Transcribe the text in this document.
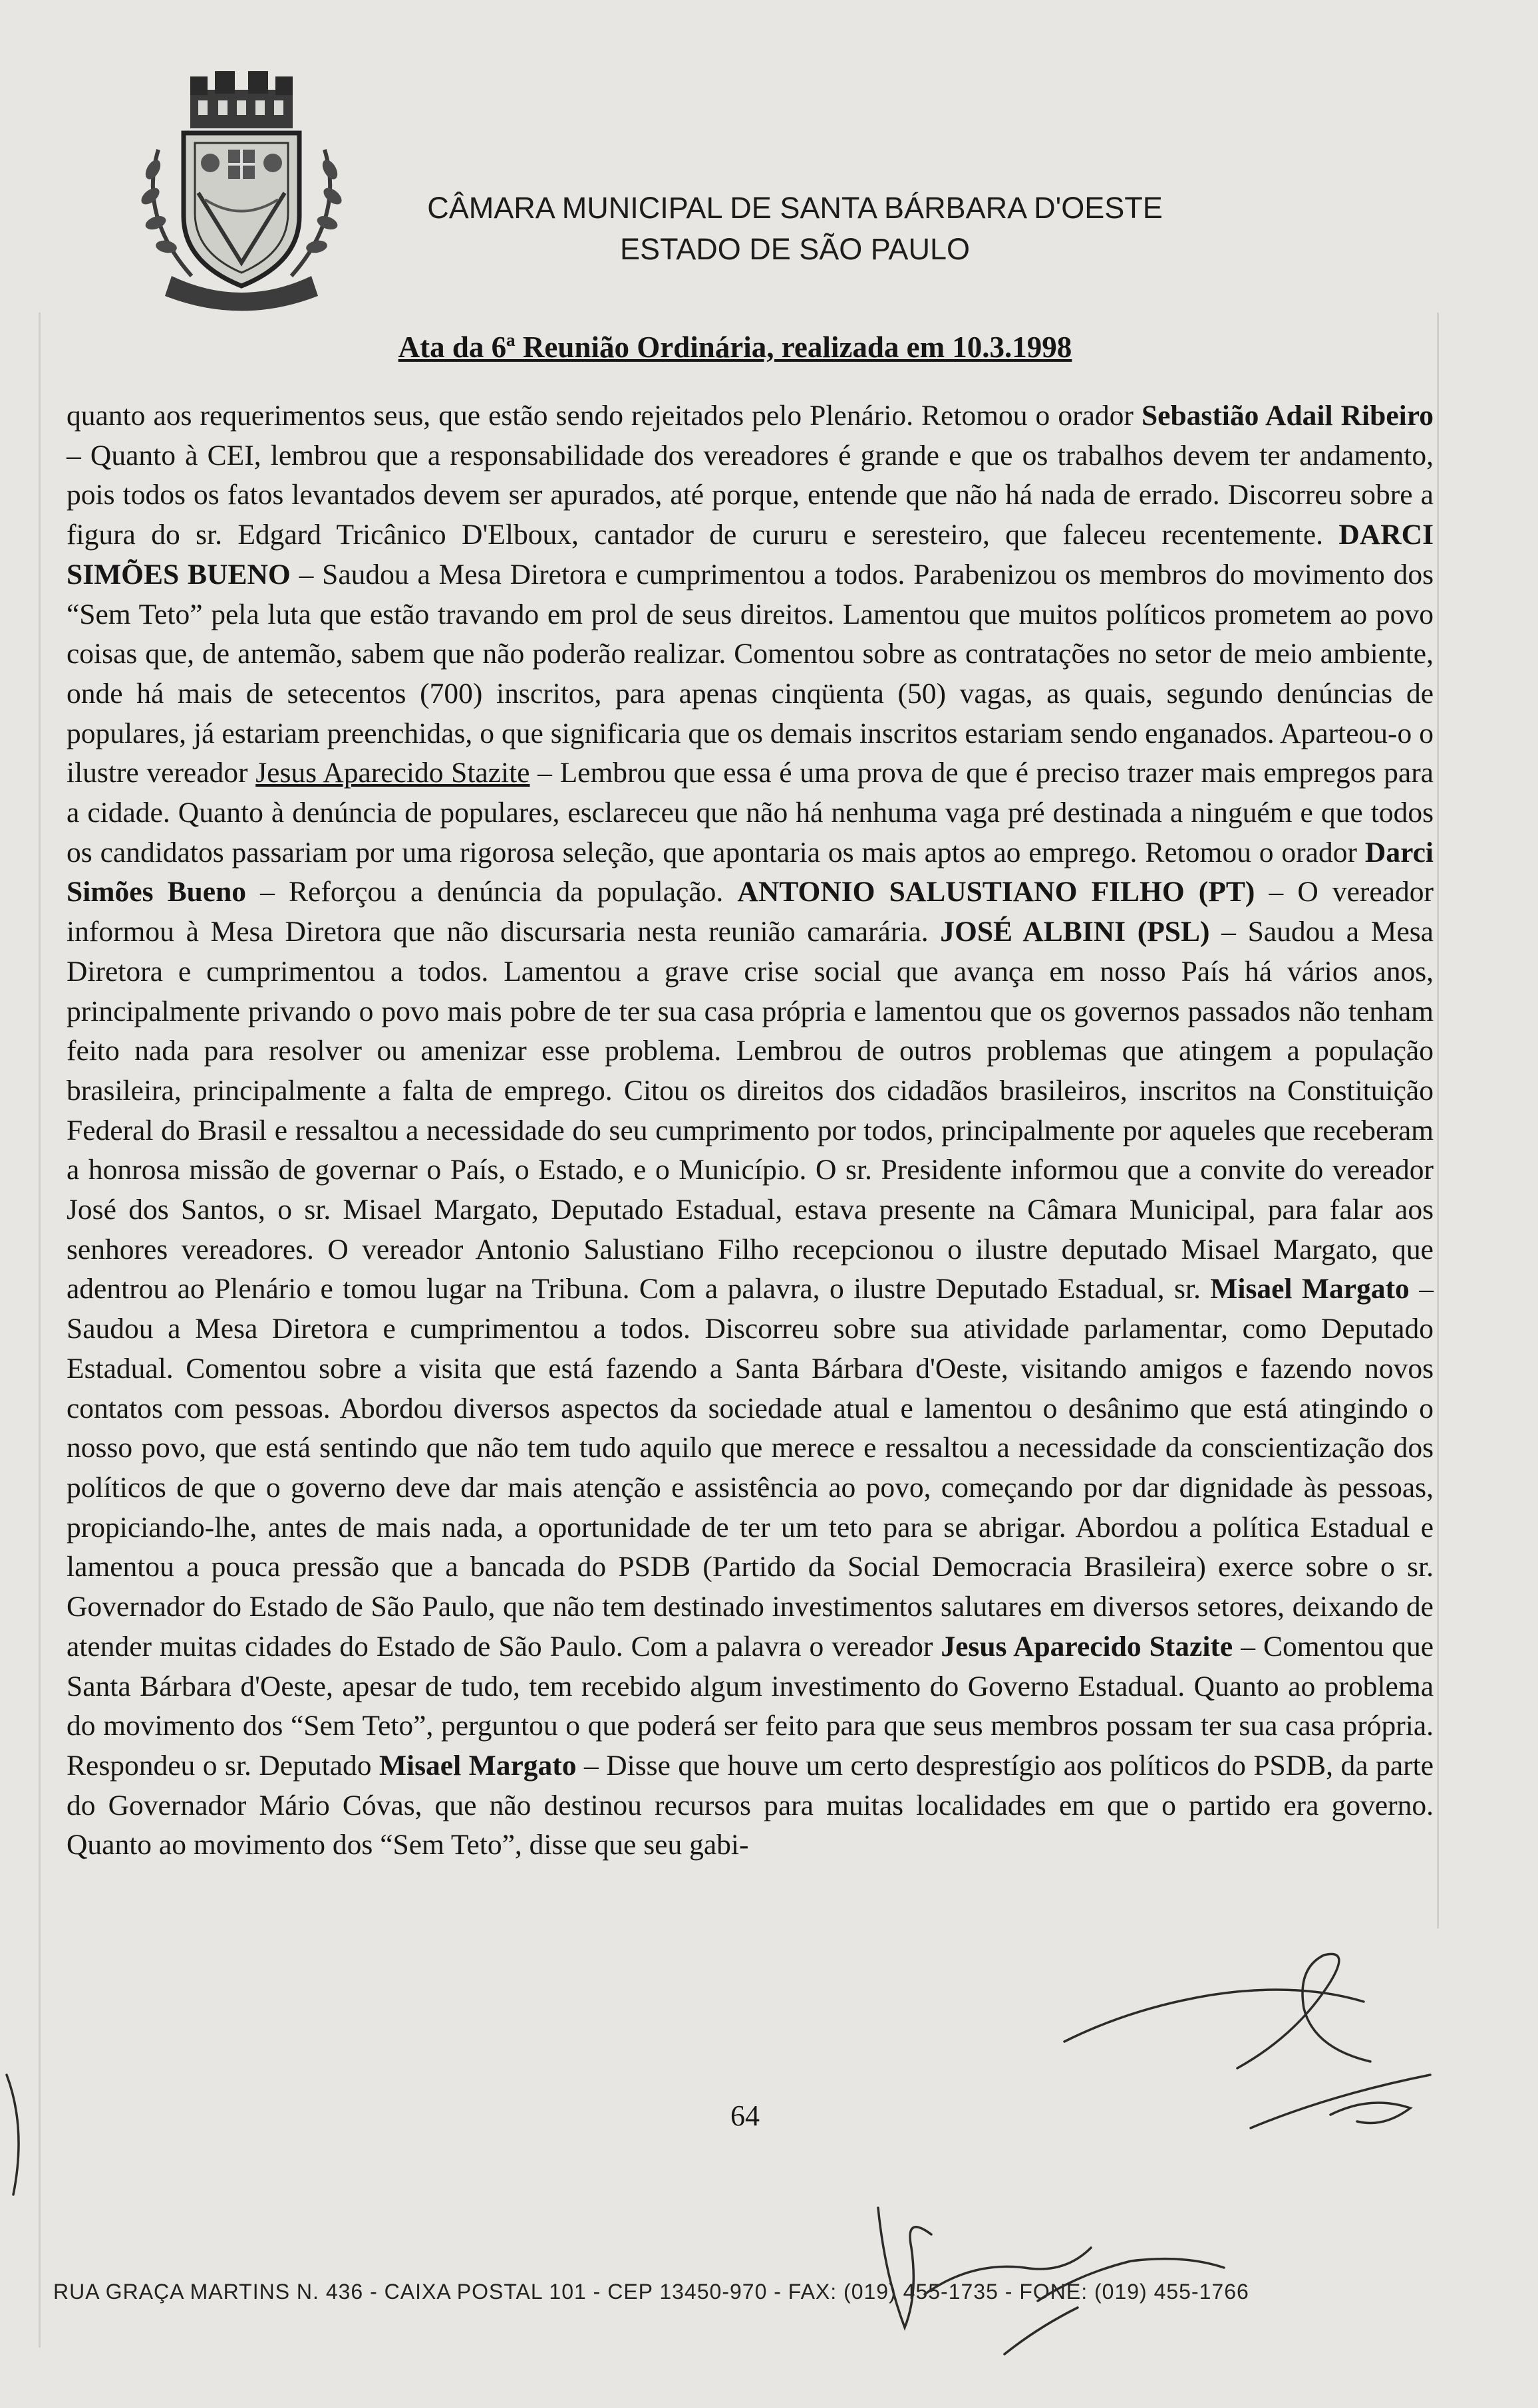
CÂMARA MUNICIPAL DE SANTA BÁRBARA D'OESTE
ESTADO DE SÃO PAULO
Ata da 6ª Reunião Ordinária, realizada em 10.3.1998

quanto aos requerimentos seus, que estão sendo rejeitados pelo Plenário. Retomou o orador Sebastião Adail Ribeiro – Quanto à CEI, lembrou que a responsabilidade dos vereadores é grande e que os trabalhos devem ter andamento, pois todos os fatos levantados devem ser apurados, até porque, entende que não há nada de errado. Discorreu sobre a figura do sr. Edgard Tricânico D'Elboux, cantador de cururu e seresteiro, que faleceu recentemente. DARCI SIMÕES BUENO – Saudou a Mesa Diretora e cumprimentou a todos. Parabenizou os membros do movimento dos “Sem Teto” pela luta que estão travando em prol de seus direitos. Lamentou que muitos políticos prometem ao povo coisas que, de antemão, sabem que não poderão realizar. Comentou sobre as contratações no setor de meio ambiente, onde há mais de setecentos (700) inscritos, para apenas cinqüenta (50) vagas, as quais, segundo denúncias de populares, já estariam preenchidas, o que significaria que os demais inscritos estariam sendo enganados. Aparteou-o o ilustre vereador Jesus Aparecido Stazite – Lembrou que essa é uma prova de que é preciso trazer mais empregos para a cidade. Quanto à denúncia de populares, esclareceu que não há nenhuma vaga pré destinada a ninguém e que todos os candidatos passariam por uma rigorosa seleção, que apontaria os mais aptos ao emprego. Retomou o orador Darci Simões Bueno – Reforçou a denúncia da população. ANTONIO SALUSTIANO FILHO (PT) – O vereador informou à Mesa Diretora que não discursaria nesta reunião camarária. JOSÉ ALBINI (PSL) – Saudou a Mesa Diretora e cumprimentou a todos. Lamentou a grave crise social que avança em nosso País há vários anos, principalmente privando o povo mais pobre de ter sua casa própria e lamentou que os governos passados não tenham feito nada para resolver ou amenizar esse problema. Lembrou de outros problemas que atingem a população brasileira, principalmente a falta de emprego. Citou os direitos dos cidadãos brasileiros, inscritos na Constituição Federal do Brasil e ressaltou a necessidade do seu cumprimento por todos, principalmente por aqueles que receberam a honrosa missão de governar o País, o Estado, e o Município. O sr. Presidente informou que a convite do vereador José dos Santos, o sr. Misael Margato, Deputado Estadual, estava presente na Câmara Municipal, para falar aos senhores vereadores. O vereador Antonio Salustiano Filho recepcionou o ilustre deputado Misael Margato, que adentrou ao Plenário e tomou lugar na Tribuna. Com a palavra, o ilustre Deputado Estadual, sr. Misael Margato – Saudou a Mesa Diretora e cumprimentou a todos. Discorreu sobre sua atividade parlamentar, como Deputado Estadual. Comentou sobre a visita que está fazendo a Santa Bárbara d'Oeste, visitando amigos e fazendo novos contatos com pessoas. Abordou diversos aspectos da sociedade atual e lamentou o desânimo que está atingindo o nosso povo, que está sentindo que não tem tudo aquilo que merece e ressaltou a necessidade da conscientização dos políticos de que o governo deve dar mais atenção e assistência ao povo, começando por dar dignidade às pessoas, propiciando-lhe, antes de mais nada, a oportunidade de ter um teto para se abrigar. Abordou a política Estadual e lamentou a pouca pressão que a bancada do PSDB (Partido da Social Democracia Brasileira) exerce sobre o sr. Governador do Estado de São Paulo, que não tem destinado investimentos salutares em diversos setores, deixando de atender muitas cidades do Estado de São Paulo. Com a palavra o vereador Jesus Aparecido Stazite – Comentou que Santa Bárbara d'Oeste, apesar de tudo, tem recebido algum investimento do Governo Estadual. Quanto ao problema do movimento dos “Sem Teto”, perguntou o que poderá ser feito para que seus membros possam ter sua casa própria. Respondeu o sr. Deputado Misael Margato – Disse que houve um certo desprestígio aos políticos do PSDB, da parte do Governador Mário Cóvas, que não destinou recursos para muitas localidades em que o partido era governo. Quanto ao movimento dos “Sem Teto”, disse que seu gabi-

64
RUA GRAÇA MARTINS N. 436 - CAIXA POSTAL 101 - CEP 13450-970 - FAX: (019) 455-1735 - FONE: (019) 455-1766
